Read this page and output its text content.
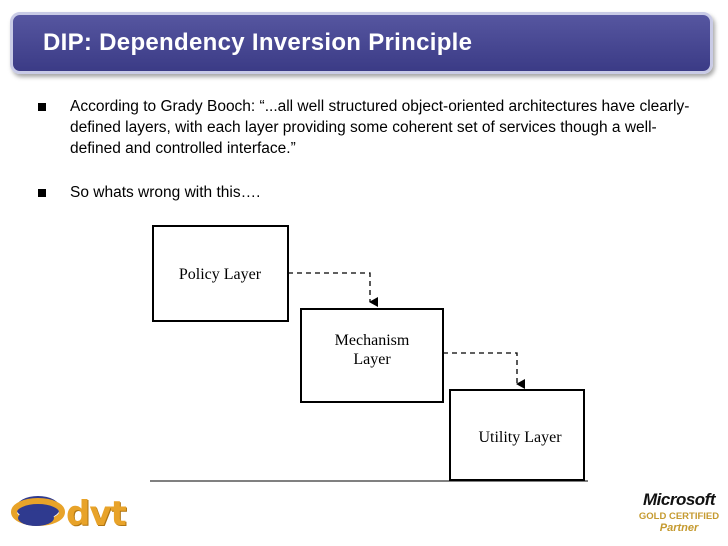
DIP: Dependency Inversion Principle
According to Grady Booch: “...all well structured object-oriented architectures have clearly-defined layers, with each layer providing some coherent set of services though a well-defined and controlled interface.”
So whats wrong with this….
Policy Layer
Mechanism
Layer
Utility Layer
dvt	Microsoft
GOLD CERTIFIED
Partner
